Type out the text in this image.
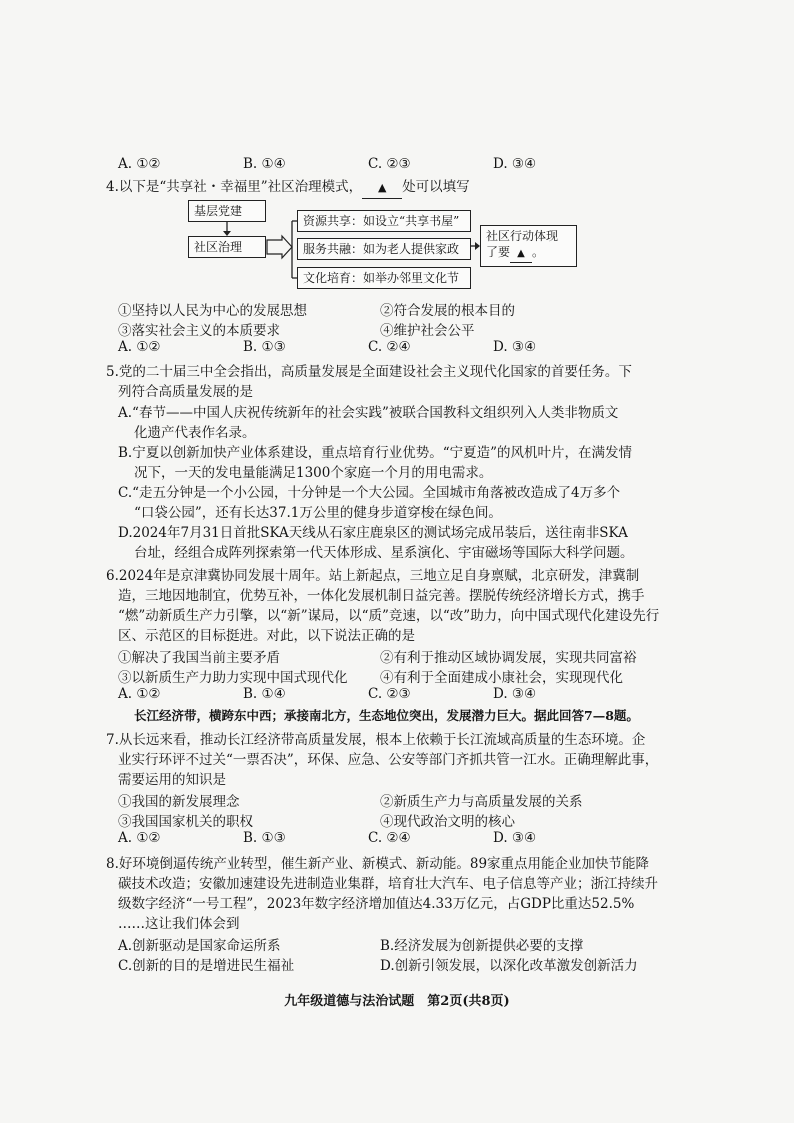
A. ①②	B. ①④	C. ②③	D. ③④
4.以下是“共享社・幸福里”社区治理模式， ▲ 处可以填写
基层党建
社区治理
资源共享：如设立“共享书屋”
服务共融：如为老人提供家政
文化培育：如举办邻里文化节
社区行动体现
了要 ▲ 。
①坚持以人民为中心的发展思想	②符合发展的根本目的
③落实社会主义的本质要求	④维护社会公平
A. ①②	B. ①③	C. ②④	D. ③④
5.党的二十届三中全会指出，高质量发展是全面建设社会主义现代化国家的首要任务。下
列符合高质量发展的是
A.“春节——中国人庆祝传统新年的社会实践”被联合国教科文组织列入人类非物质文
化遗产代表作名录。
B.宁夏以创新加快产业体系建设，重点培育行业优势。“宁夏造”的风机叶片，在满发情
况下，一天的发电量能满足1300个家庭一个月的用电需求。
C.“走五分钟是一个小公园，十分钟是一个大公园。全国城市角落被改造成了4万多个
“口袋公园”，还有长达37.1万公里的健身步道穿梭在绿色间。
D.2024年7月31日首批SKA天线从石家庄鹿泉区的测试场完成吊装后，送往南非SKA
台址，经组合成阵列探索第一代天体形成、星系演化、宇宙磁场等国际大科学问题。
6.2024年是京津冀协同发展十周年。站上新起点，三地立足自身禀赋，北京研发，津冀制
造，三地因地制宜，优势互补，一体化发展机制日益完善。摆脱传统经济增长方式，携手
“燃”动新质生产力引擎，以“新”谋局，以“质”竞速，以“改”助力，向中国式现代化建设先行
区、示范区的目标挺进。对此，以下说法正确的是
①解决了我国当前主要矛盾	②有利于推动区域协调发展，实现共同富裕
③以新质生产力助力实现中国式现代化	④有利于全面建成小康社会，实现现代化
A. ①②	B. ①④	C. ②③	D. ③④
长江经济带，横跨东中西；承接南北方，生态地位突出，发展潜力巨大。据此回答7—8题。
7.从长远来看，推动长江经济带高质量发展，根本上依赖于长江流域高质量的生态环境。企
业实行环评不过关“一票否决”，环保、应急、公安等部门齐抓共管一江水。正确理解此事，
需要运用的知识是
①我国的新发展理念	②新质生产力与高质量发展的关系
③我国国家机关的职权	④现代政治文明的核心
A. ①②	B. ①③	C. ②④	D. ③④
8.好环境倒逼传统产业转型，催生新产业、新模式、新动能。89家重点用能企业加快节能降
碳技术改造；安徽加速建设先进制造业集群，培育壮大汽车、电子信息等产业；浙江持续升
级数字经济“一号工程”，2023年数字经济增加值达4.33万亿元，占GDP比重达52.5%
……这让我们体会到
A.创新驱动是国家命运所系	B.经济发展为创新提供必要的支撑
C.创新的目的是增进民生福祉	D.创新引领发展，以深化改革激发创新活力
九年级道德与法治试题　第2页(共8页)
